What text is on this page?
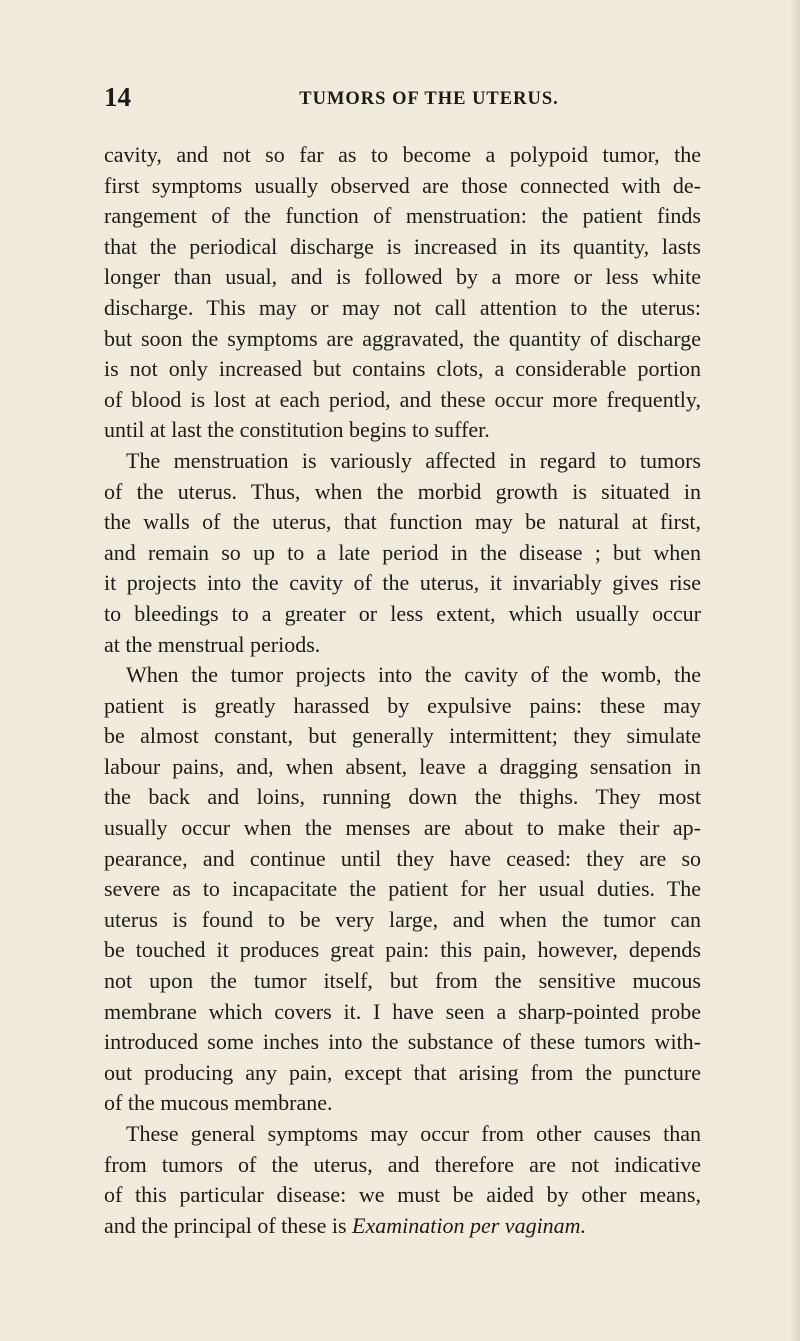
14	TUMORS OF THE UTERUS.
cavity, and not so far as to become a polypoid tumor, the
first symptoms usually observed are those connected with de-
rangement of the function of menstruation: the patient finds
that the periodical discharge is increased in its quantity, lasts
longer than usual, and is followed by a more or less white
discharge. This may or may not call attention to the uterus:
but soon the symptoms are aggravated, the quantity of discharge
is not only increased but contains clots, a considerable portion
of blood is lost at each period, and these occur more frequently,
until at last the constitution begins to suffer.
The menstruation is variously affected in regard to tumors
of the uterus. Thus, when the morbid growth is situated in
the walls of the uterus, that function may be natural at first,
and remain so up to a late period in the disease ; but when
it projects into the cavity of the uterus, it invariably gives rise
to bleedings to a greater or less extent, which usually occur
at the menstrual periods.
When the tumor projects into the cavity of the womb, the
patient is greatly harassed by expulsive pains: these may
be almost constant, but generally intermittent; they simulate
labour pains, and, when absent, leave a dragging sensation in
the back and loins, running down the thighs. They most
usually occur when the menses are about to make their ap-
pearance, and continue until they have ceased: they are so
severe as to incapacitate the patient for her usual duties. The
uterus is found to be very large, and when the tumor can
be touched it produces great pain: this pain, however, depends
not upon the tumor itself, but from the sensitive mucous
membrane which covers it. I have seen a sharp-pointed probe
introduced some inches into the substance of these tumors with-
out producing any pain, except that arising from the puncture
of the mucous membrane.
These general symptoms may occur from other causes than
from tumors of the uterus, and therefore are not indicative
of this particular disease: we must be aided by other means,
and the principal of these is Examination per vaginam.
